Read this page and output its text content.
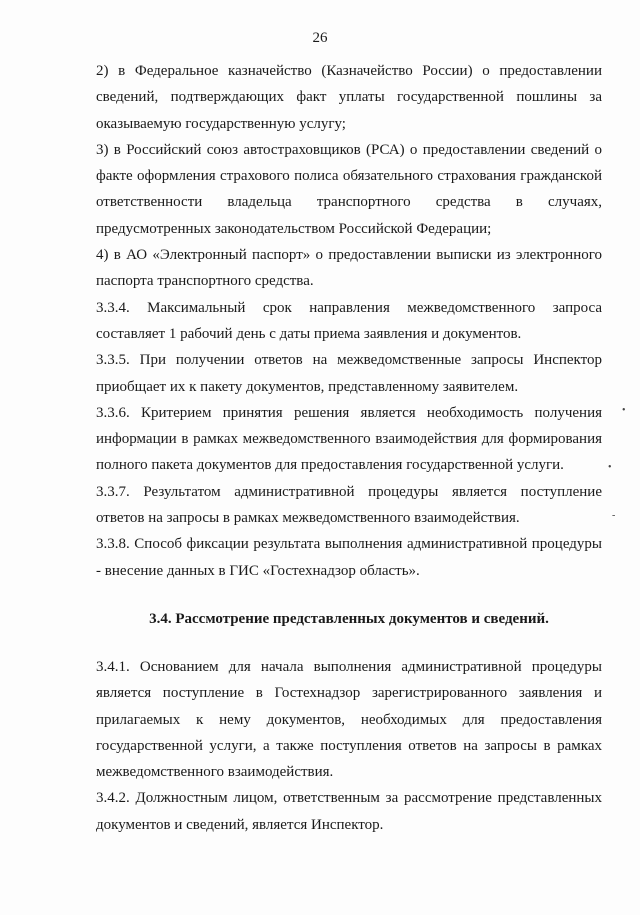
26

2) в Федеральное казначейство (Казначейство России) о предоставлении
сведений, подтверждающих факт уплаты государственной пошлины за
оказываемую государственную услугу;

3) в Российский союз автостраховщиков (РСА) о предоставлении сведений о
факте оформления страхового полиса обязательного страхования гражданской
ответственности владельца транспортного средства в случаях,
предусмотренных законодательством Российской Федерации;

4) в АО «Электронный паспорт» о предоставлении выписки из электронного
паспорта транспортного средства.

3.3.4. Максимальный срок направления межведомственного запроса
составляет 1 рабочий день с даты приема заявления и документов.

3.3.5. При получении ответов на межведомственные запросы Инспектор
приобщает их к пакету документов, представленному заявителем.

3.3.6. Критерием принятия решения является необходимость получения
информации в рамках межведомственного взаимодействия для формирования
полного пакета документов для предоставления государственной услуги.

3.3.7. Результатом административной процедуры является поступление
ответов на запросы в рамках межведомственного взаимодействия.

3.3.8. Способ фиксации результата выполнения административной процедуры
- внесение данных в ГИС «Гостехнадзор область».

3.4. Рассмотрение представленных документов и сведений.

3.4.1. Основанием для начала выполнения административной процедуры
является поступление в Гостехнадзор зарегистрированного заявления и
прилагаемых к нему документов, необходимых для предоставления
государственной услуги, а также поступления ответов на запросы в рамках
межведомственного взаимодействия.

3.4.2. Должностным лицом, ответственным за рассмотрение представленных
документов и сведений, является Инспектор.

•
•
-
